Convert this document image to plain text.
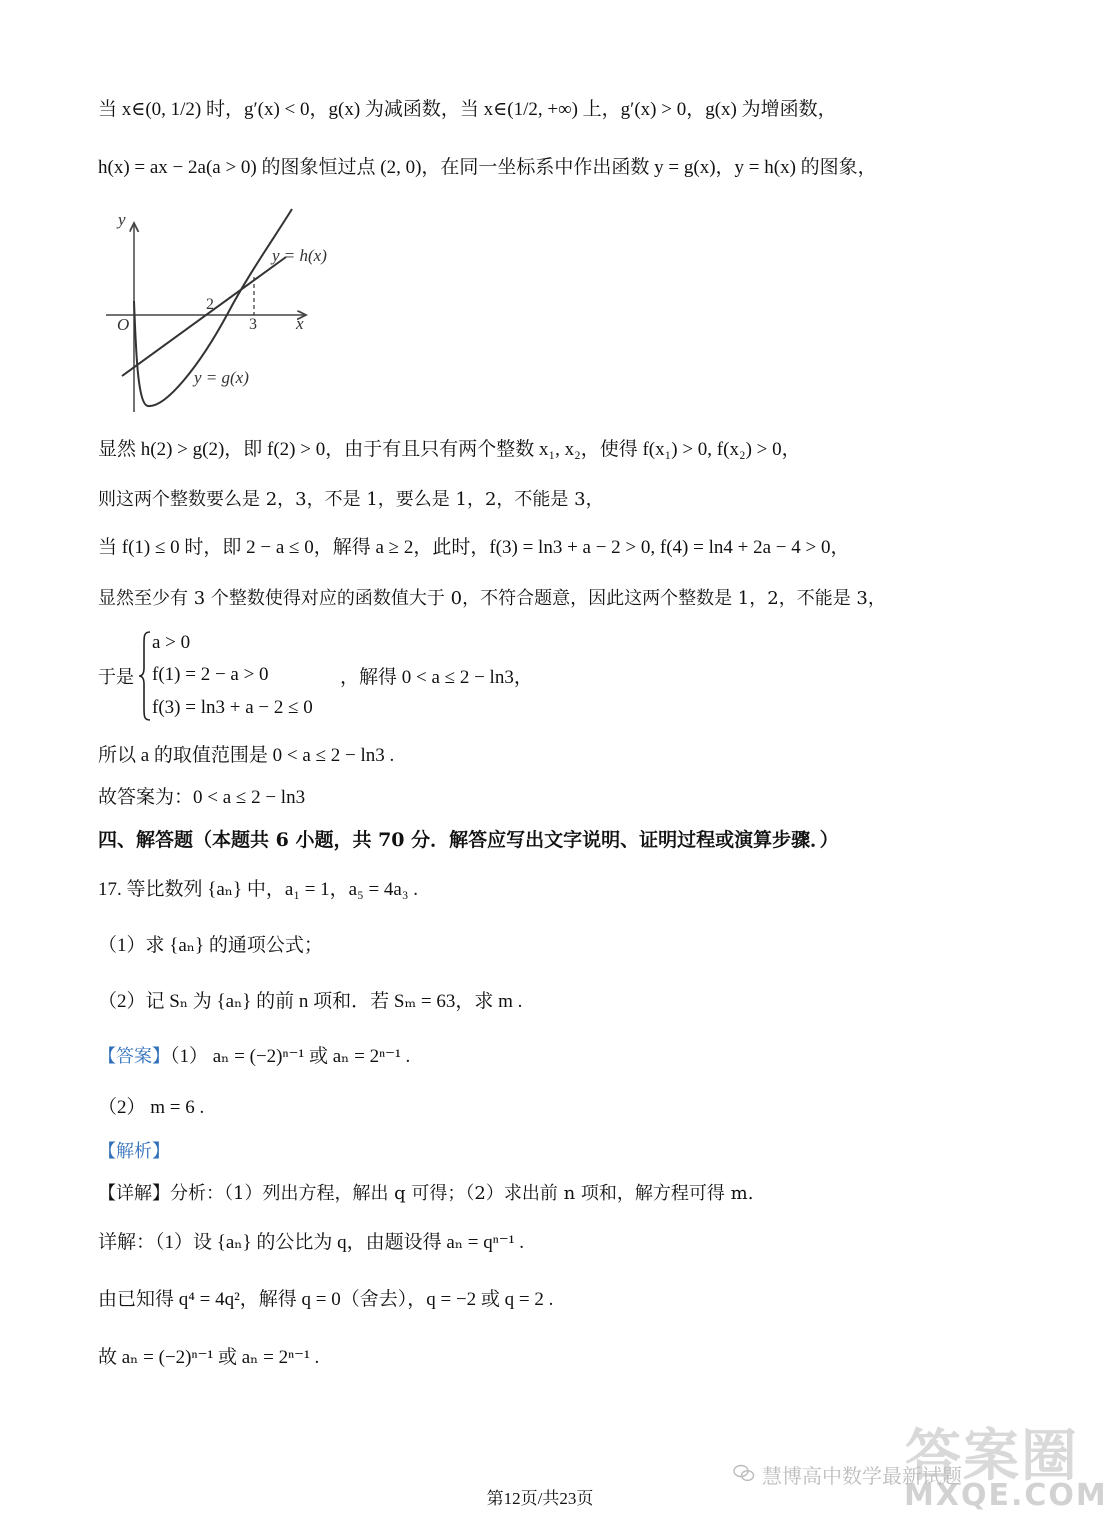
当 x∈(0, 1/2) 时，g′(x) < 0，g(x) 为减函数，当 x∈(1/2, +∞) 上，g′(x) > 0，g(x) 为增函数，
h(x) = ax − 2a(a > 0) 的图象恒过点 (2, 0)，在同一坐标系中作出函数 y = g(x)，y = h(x) 的图象，
y
x
O
2
3
y = h(x)
y = g(x)
显然 h(2) > g(2)，即 f(2) > 0，由于有且只有两个整数 x₁, x₂，使得 f(x₁) > 0, f(x₂) > 0，
则这两个整数要么是 2，3，不是 1，要么是 1，2，不能是 3，
当 f(1) ≤ 0 时，即 2 − a ≤ 0，解得 a ≥ 2，此时，f(3) = ln3 + a − 2 > 0, f(4) = ln4 + 2a − 4 > 0，
显然至少有 3 个整数使得对应的函数值大于 0，不符合题意，因此这两个整数是 1，2，不能是 3，
于是
a > 0
f(1) = 2 − a > 0
f(3) = ln3 + a − 2 ≤ 0
，解得 0 < a ≤ 2 − ln3，
所以 a 的取值范围是 0 < a ≤ 2 − ln3 .
故答案为：0 < a ≤ 2 − ln3
四、解答题（本题共 6 小题，共 70 分．解答应写出文字说明、证明过程或演算步骤．）
17. 等比数列 {aₙ} 中，a₁ = 1，a₅ = 4a₃ .
（1）求 {aₙ} 的通项公式；
（2）记 Sₙ 为 {aₙ} 的前 n 项和．若 Sₘ = 63，求 m .
【答案】（1） aₙ = (−2)ⁿ⁻¹ 或 aₙ = 2ⁿ⁻¹ .
（2） m = 6 .
【解析】
【详解】分析：（1）列出方程，解出 q 可得；（2）求出前 n 项和，解方程可得 m.
详解：（1）设 {aₙ} 的公比为 q，由题设得 aₙ = qⁿ⁻¹ .
由已知得 q⁴ = 4q²，解得 q = 0（舍去），q = −2 或 q = 2 .
故 aₙ = (−2)ⁿ⁻¹ 或 aₙ = 2ⁿ⁻¹ .
答案圈
MXQE.COM
慧博高中数学最新试题
第12页/共23页
